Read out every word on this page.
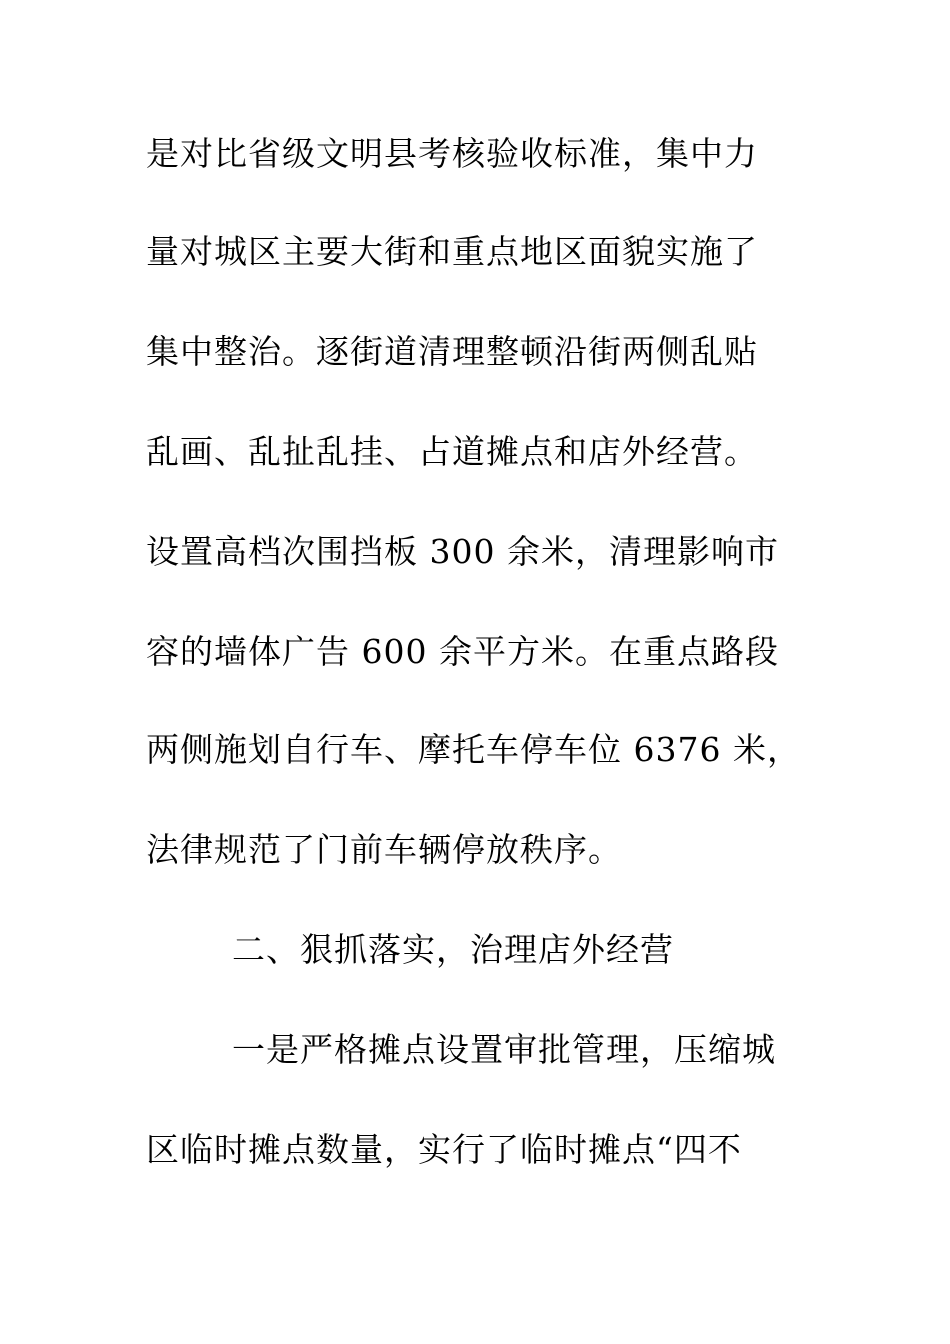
是对比省级文明县考核验收标准，集中力
量对城区主要大街和重点地区面貌实施了
集中整治。逐街道清理整顿沿街两侧乱贴
乱画、乱扯乱挂、占道摊点和店外经营。
设置高档次围挡板 300 余米，清理影响市
容的墙体广告 600 余平方米。在重点路段
两侧施划自行车、摩托车停车位 6376 米，
法律规范了门前车辆停放秩序。
二、狠抓落实，治理店外经营
一是严格摊点设置审批管理，压缩城
区临时摊点数量，实行了临时摊点“四不
